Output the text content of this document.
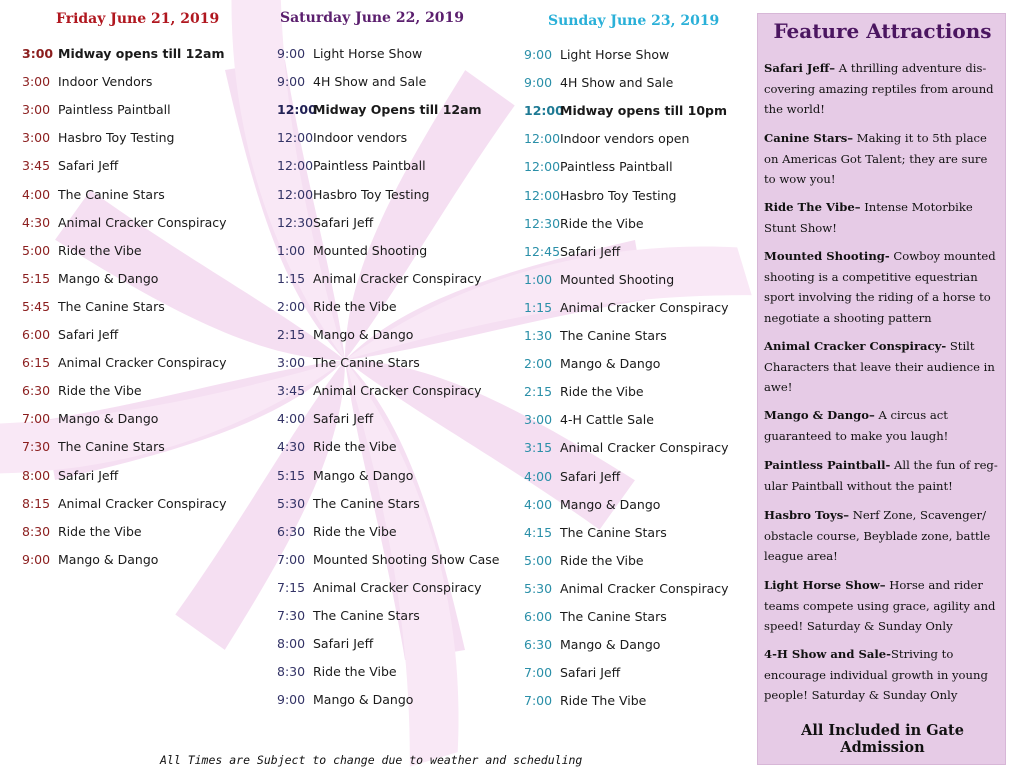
Friday June 21, 2019
3:00 Midway opens till 12am
3:00 Indoor Vendors
3:00 Paintless Paintball
3:00 Hasbro Toy Testing
3:45 Safari Jeff
4:00 The Canine Stars
4:30 Animal Cracker Conspiracy
5:00 Ride the Vibe
5:15 Mango & Dango
5:45 The Canine Stars
6:00 Safari Jeff
6:15 Animal Cracker Conspiracy
6:30 Ride the Vibe
7:00 Mango & Dango
7:30 The Canine Stars
8:00 Safari Jeff
8:15 Animal Cracker Conspiracy
8:30 Ride the Vibe
9:00 Mango & Dango
Saturday June 22, 2019
9:00 Light Horse Show
9:00 4H Show and Sale
12:00Midway Opens till 12am
12:00Indoor vendors
12:00Paintless Paintball
12:00Hasbro Toy Testing
12:30Safari Jeff
1:00 Mounted Shooting
1:15 Animal Cracker Conspiracy
2:00 Ride the Vibe
2:15 Mango & Dango
3:00 The Canine Stars
3:45 Animal Cracker Conspiracy
4:00 Safari Jeff
4:30 Ride the Vibe
5:15 Mango & Dango
5:30 The Canine Stars
6:30 Ride the Vibe
7:00 Mounted Shooting Show Case
7:15 Animal Cracker Conspiracy
7:30 The Canine Stars
8:00 Safari Jeff
8:30 Ride the Vibe
9:00 Mango & Dango
Sunday June 23, 2019
9:00 Light Horse Show
9:00 4H Show and Sale
12:00Midway opens till 10pm
12:00Indoor vendors open
12:00Paintless Paintball
12:00Hasbro Toy Testing
12:30Ride the Vibe
12:45Safari Jeff
1:00 Mounted Shooting
1:15 Animal Cracker Conspiracy
1:30 The Canine Stars
2:00 Mango & Dango
2:15 Ride the Vibe
3:00 4-H Cattle Sale
3:15 Animal Cracker Conspiracy
4:00 Safari Jeff
4:00 Mango & Dango
4:15 The Canine Stars
5:00 Ride the Vibe
5:30 Animal Cracker Conspiracy
6:00 The Canine Stars
6:30 Mango & Dango
7:00 Safari Jeff
7:00 Ride The Vibe
Feature Attractions
Safari Jeff– A thrilling adventure dis-covering amazing reptiles from around the world!
Canine Stars– Making it to 5th place on Americas Got Talent; they are sure to wow you!
Ride The Vibe– Intense Motorbike Stunt Show!
Mounted Shooting- Cowboy mounted shooting is a competitive equestrian sport involving the riding of a horse to negotiate a shooting pattern
Animal Cracker Conspiracy- Stilt Characters that leave their audience in awe!
Mango & Dango– A circus act guaranteed to make you laugh!
Paintless Paintball- All the fun of reg-ular Paintball without the paint!
Hasbro Toys– Nerf Zone, Scavenger/ obstacle course, Beyblade zone, battle league area!
Light Horse Show– Horse and rider teams compete using grace, agility and speed! Saturday & Sunday Only
4-H Show and Sale-Striving to encourage individual growth in young people! Saturday & Sunday Only
All Included in Gate Admission
All Times are Subject to change due to weather and scheduling
